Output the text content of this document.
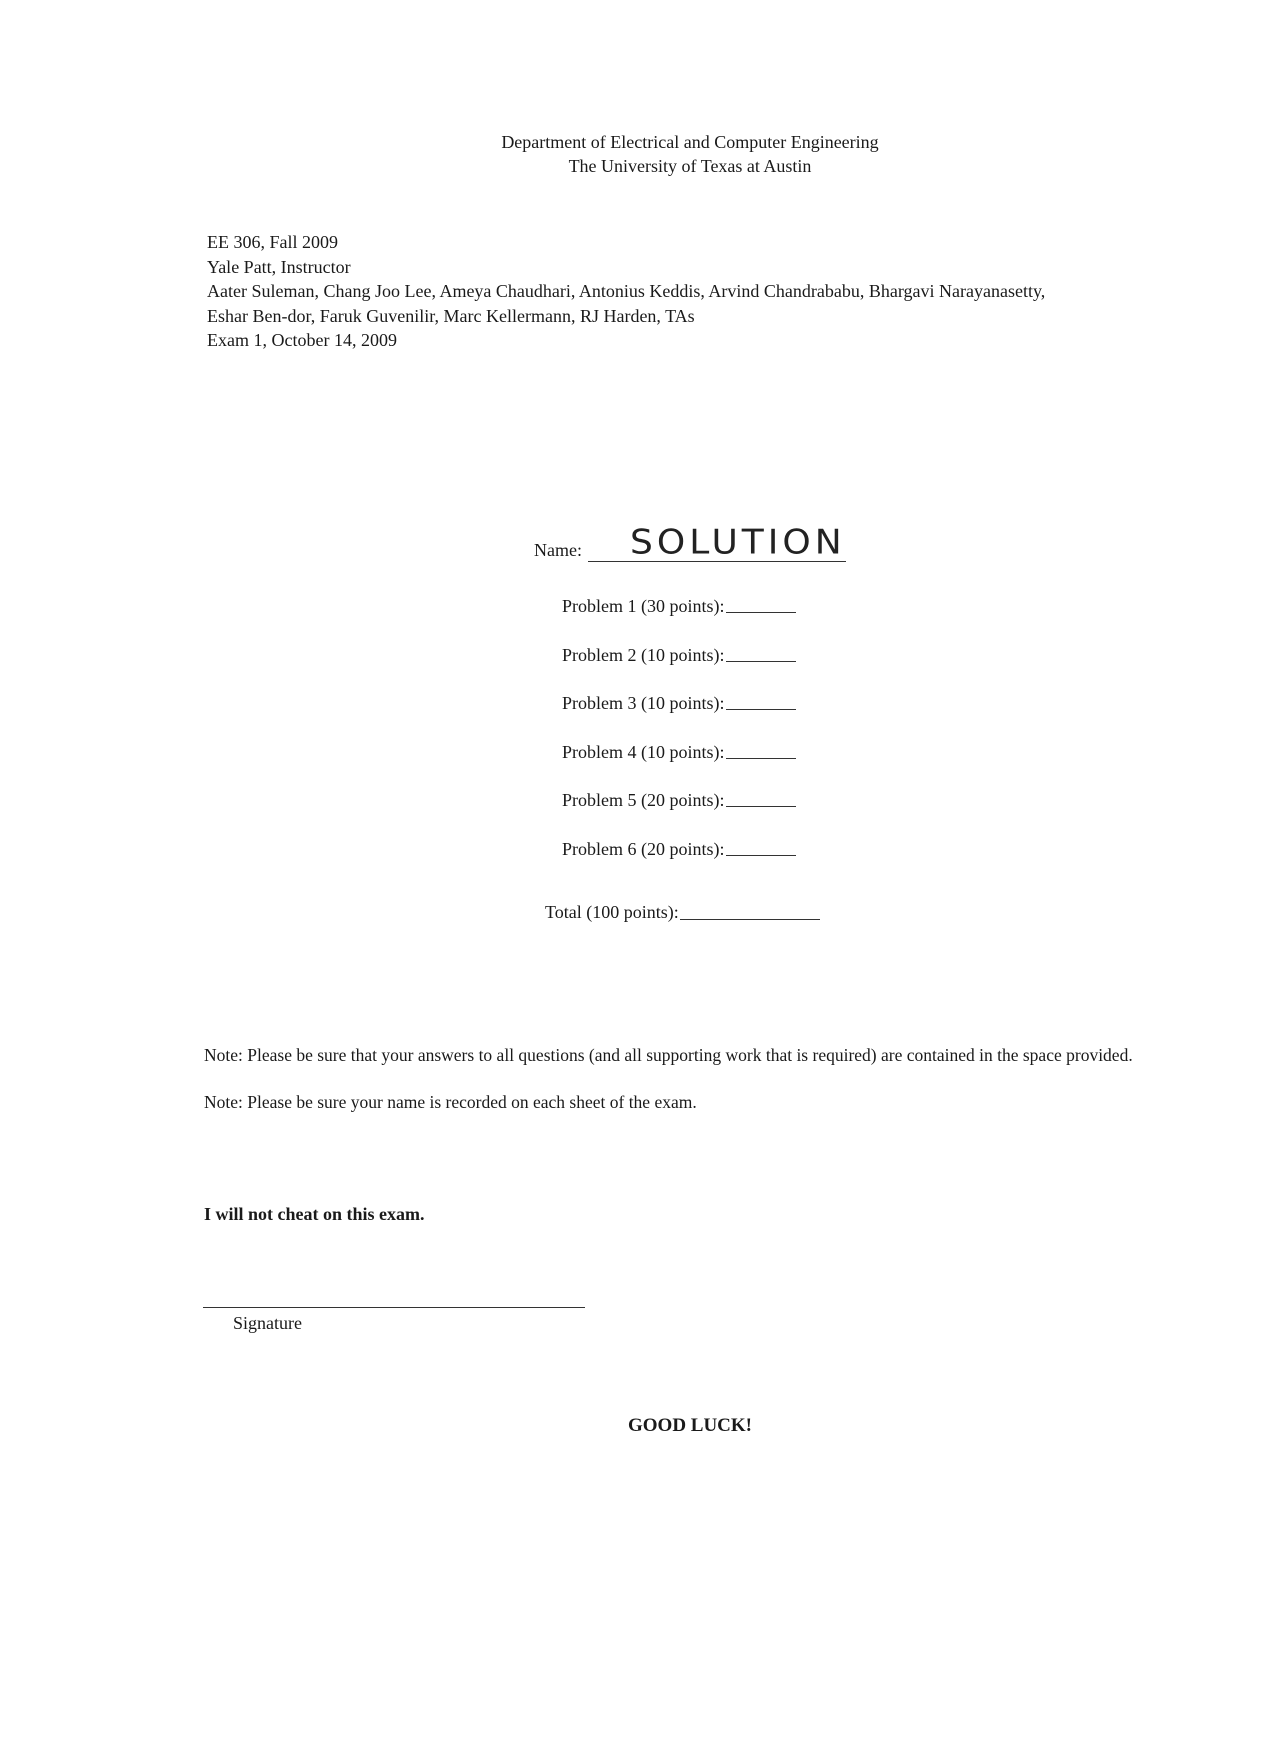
Department of Electrical and Computer Engineering
The University of Texas at Austin
EE 306, Fall 2009
Yale Patt, Instructor
Aater Suleman, Chang Joo Lee, Ameya Chaudhari, Antonius Keddis, Arvind Chandrababu, Bhargavi Narayanasetty,
Eshar Ben-dor, Faruk Guvenilir, Marc Kellermann, RJ Harden, TAs
Exam 1, October 14, 2009
Name: SOLUTION
Problem 1 (30 points):
Problem 2 (10 points):
Problem 3 (10 points):
Problem 4 (10 points):
Problem 5 (20 points):
Problem 6 (20 points):
Total (100 points):
Note: Please be sure that your answers to all questions (and all supporting work that is required) are contained in the space provided.
Note: Please be sure your name is recorded on each sheet of the exam.
I will not cheat on this exam.
Signature
GOOD LUCK!
